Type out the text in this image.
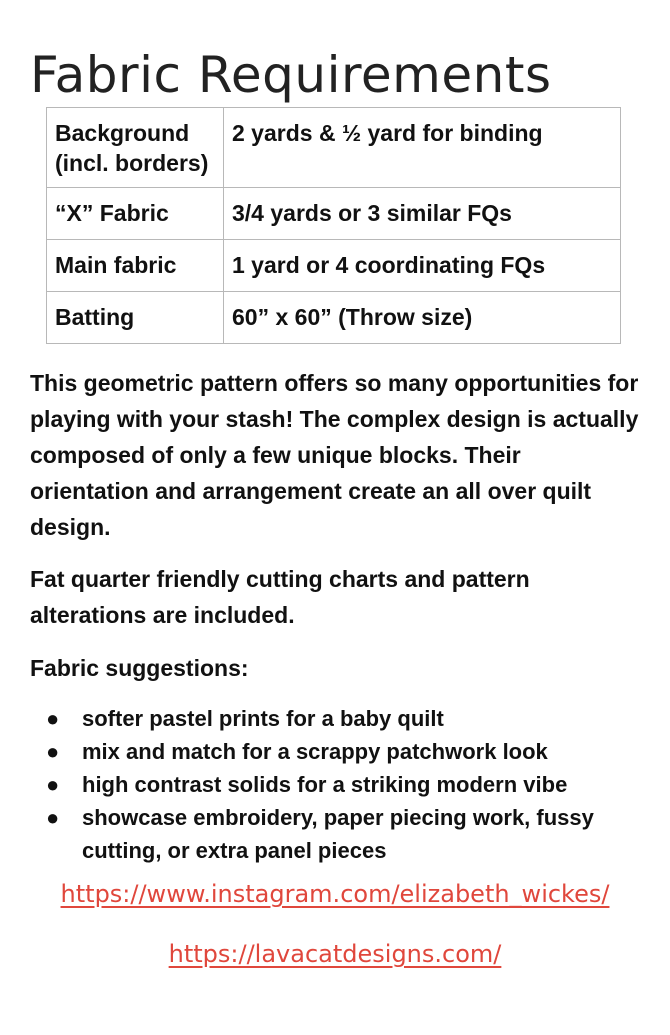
Fabric Requirements
Background (incl. borders)	2 yards & ½ yard for binding
“X” Fabric	3/4 yards or 3 similar FQs
Main fabric	1 yard or 4 coordinating FQs
Batting	60” x 60” (Throw size)
This geometric pattern offers so many opportunities for playing with your stash! The complex design is actually composed of only a few unique blocks. Their orientation and arrangement create an all over quilt design.
Fat quarter friendly cutting charts and pattern alterations are included.
Fabric suggestions:
● softer pastel prints for a baby quilt
● mix and match for a scrappy patchwork look
● high contrast solids for a striking modern vibe
● showcase embroidery, paper piecing work, fussy cutting, or extra panel pieces
https://www.instagram.com/elizabeth_wickes/
https://lavacatdesigns.com/
